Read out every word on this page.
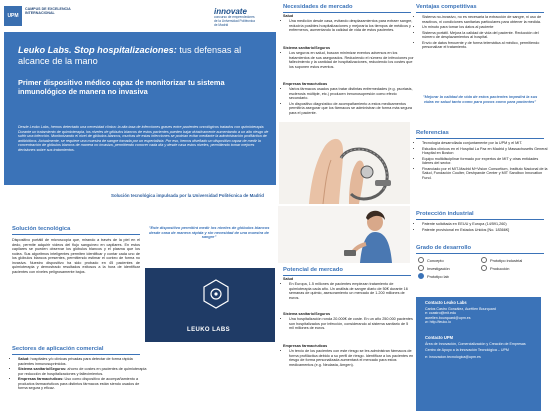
UPM
CAMPUS DE EXCELENCIA INTERNACIONAL	innovate
concurso de emprendedores de la Universidad Politécnica de Madrid
Leuko Labs. Stop hospitalizaciones: tus defensas al alcance de la mano

Primer dispositivo médico capaz de monitorizar tu sistema inmunológico de manera no invasiva

Desde Leuko Labs, hemos detectado una necesidad clínica: la alta tasa de infecciones graves entre pacientes oncológicos tratados con quimioterapia. Durante un tratamiento de quimioterapia, los niveles de glóbulos blancos de estos pacientes pueden bajar drásticamente aumentando a un alto riesgo de sufrir una infección. Monitorizando el nivel de glóbulos blancos, muchas de estas infecciones se podrían evitar mediante la administración profiláctica de antibióticos. Actualmente, se requiere una muestra de sangre tomada por un especialista. Por eso, hemos diseñado un dispositivo capaz de medir la concentración de glóbulos blancos de manera no invasiva, permitiendo conocer cada día y desde casa estos niveles, permitiendo tomar mejores decisiones sobre sus tratamientos.

Solución tecnológica impulsada por la Universidad Politécnica de Madrid
Solución tecnológica

Dispositivo portátil de microscopía que, mirando a través de la piel en el dedo, permite adquirir vídeos del flujo sanguíneo en capilares. En estos capilares se pueden observar los glóbulos blancos y el plasma que los rodea. Sus algoritmos inteligentes permiten identificar y contar cada uno de los glóbulos blancos presentes, permitiendo estimar el conteo de forma no invasiva. Nuestro dispositivo ha sido probado en 45 pacientes de quimioterapia y demostrado resultados exitosos a la hora de identificar pacientes con niveles peligrosamente bajos.

"Este dispositivo permitirá medir los niveles de glóbulos blancos desde casa de manera rápida y sin necesidad de una muestra de sangre"

LEUKO LABS
Sectores de aplicación comercial
• Salud: hospitales y/o clínicas privadas para detectar de forma rápida pacientes inmunosuprimidos.
• Sistema sanitario/Seguros: ahorro de costes en pacientes de quimioterapia por reducción de hospitalizaciones y fallecimientos.
• Empresas farmacéuticas: Uso como dispositivo de acompañamiento a productos farmacéuticos para distintos fármacos están siendo usados de forma segura y eficaz.
Necesidades de mercado
Salud
• Una medición desde casa, evitando desplazamientos para extraer sangre, reduciría posibles hospitalizaciones y mejoraría los tiempos de médicos y enfermeros, aumentando la calidad de vida de estos pacientes.
Sistema sanitario/Seguros
• Los seguros en salud, buscan minimizar eventos adversos en los tratamientos de sus asegurados. Reduciendo el número de infecciones por fallecimiento y la cantidad de hospitalizaciones, reduciendo los costes que los suponen estos eventos.
Empresas farmacéuticas
• Varios fármacos usados para tratar distintas enfermedades (e.g. psoriasis, esclerosis múltiple, etc.) producen inmunosupresión como efecto secundario.
• Un dispositivo diagnóstico de acompañamiento a estos medicamentos permitiría asegurar que los fármacos se administran de forma más segura para el paciente.
Potencial de mercado
Salud
• En Europa, 1.5 millones de pacientes empiezan tratamiento de quimioterapia cada año. Un análisis de sangre diario de 50€ durante 16 semanas de quimio, asesoramiento un mercado de 1.200 millones de euros.
Sistema sanitario/Seguros
• Una hospitalización ronda 20.000€ de coste. En un año 250.000 pacientes son hospitalizados por infección, considerando al sistema sanitario de 5 mil millones de euros.
Empresas farmacéuticas
• Un tercio de los pacientes con este riesgo se les administran fármacos de forma profiláctica debido a su perfil de riesgo. Identificar a los pacientes en riesgo de forma personalizada aumentará el mercado para estos medicamentos (e.g. Neulasta, Amgen).
Ventajas competitivas
• Sistema no-invasivo, no es necesaria la extracción de sangre, ni uso de reactivos, ni condiciones sanitarias particulares para obtener la medida.
• Un minuto para tomar los datos al paciente
• Sistema portátil. Mejora la calidad de vida del paciente. Reducción del número de desplazamientos al hospital.
• Envío de datos frecuente y de forma telemática al médico, permitiendo personalizar el tratamiento.

"Mejorar la calidad de vida de estos pacientes impedirá la sus vidas en salud tanto como para pocos como para pacientes"

Referencias
• Tecnología desarrollada conjuntamente por la UPM y el MIT.
• Estudios clínicos en el Hospital La Paz en Madrid y Massachusetts General Hospital en Boston
• Equipo multidisciplinar formado por expertos de MIT y otras entidades líderes del sector.
• Financiado por el MIT-Madrid M+Vision Consortium, Instituto Nacional de la Salud, Fundación Coulter, Deshpande Center y MIT Sandbox Innovation Fund.
Protección industrial
• Patente solicitada en EEUU y Europa (14/591,260)
• Patente provisional en Estados Unidos [No. 18366K]
Grado de desarrollo
Concepto	Prototipo industrial
Investigación	Producción
Prototipo lab
Contacto Leuko Labs
Carlos Castro González, Aurélien Bourquard
e: ccastro@mit.edu
aurelien.bourquard@upm.es
w: http://leuko.io
Contacto UPM
Área de Innovación, Comercialización y Creación de Empresas
Centro de Apoyo a la Innovación Tecnológica – UPM
e: innovacion.tecnologica@upm.es
